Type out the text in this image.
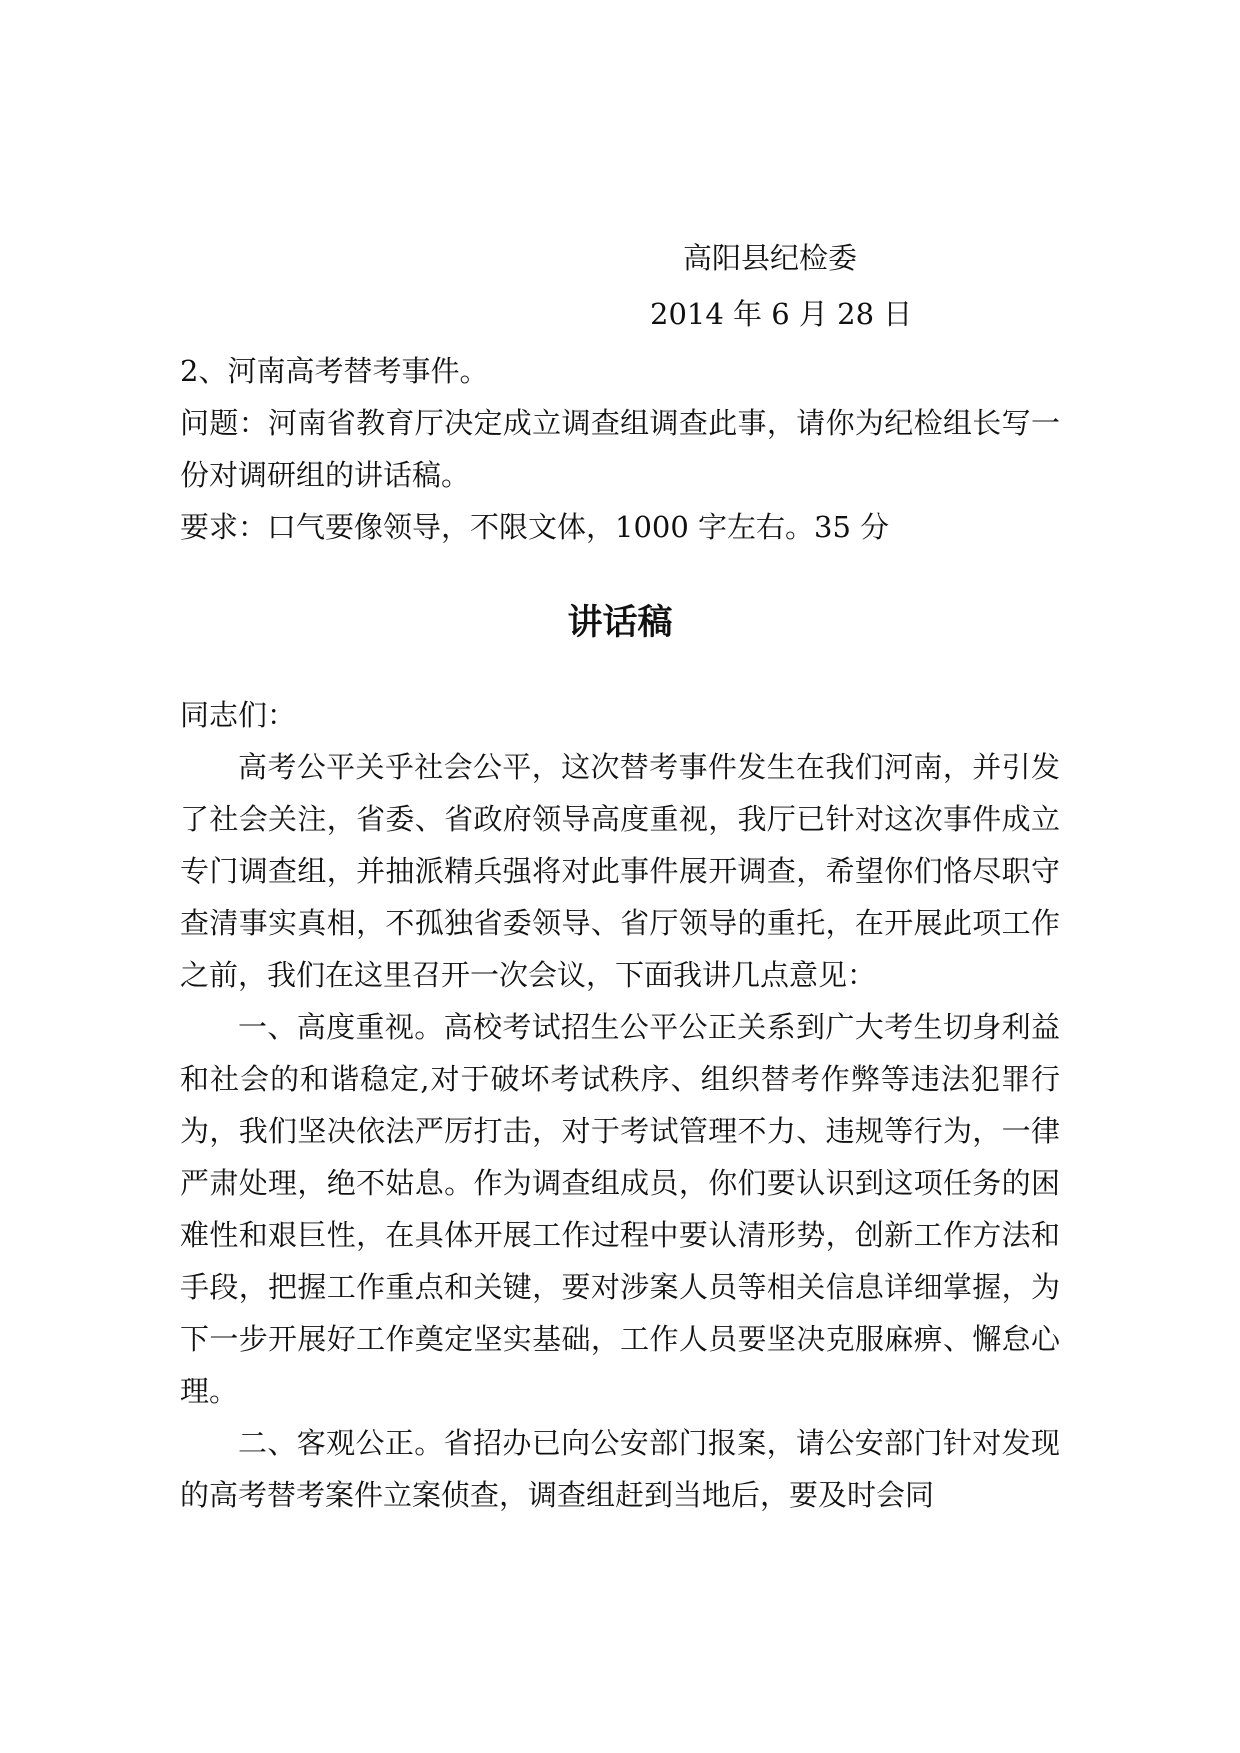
高阳县纪检委
2014 年 6 月 28 日

2、河南高考替考事件。

问题：河南省教育厅决定成立调查组调查此事，请你为纪检组长写一份对调研组的讲话稿。

要求：口气要像领导，不限文体，1000 字左右。35 分

讲话稿

同志们：

高考公平关乎社会公平，这次替考事件发生在我们河南，并引发了社会关注，省委、省政府领导高度重视，我厅已针对这次事件成立专门调查组，并抽派精兵强将对此事件展开调查，希望你们恪尽职守查清事实真相，不孤独省委领导、省厅领导的重托，在开展此项工作之前，我们在这里召开一次会议，下面我讲几点意见：

一、高度重视。高校考试招生公平公正关系到广大考生切身利益和社会的和谐稳定,对于破坏考试秩序、组织替考作弊等违法犯罪行为，我们坚决依法严厉打击，对于考试管理不力、违规等行为，一律严肃处理，绝不姑息。作为调查组成员，你们要认识到这项任务的困难性和艰巨性，在具体开展工作过程中要认清形势，创新工作方法和手段，把握工作重点和关键，要对涉案人员等相关信息详细掌握，为下一步开展好工作奠定坚实基础，工作人员要坚决克服麻痹、懈怠心理。

二、客观公正。省招办已向公安部门报案，请公安部门针对发现的高考替考案件立案侦查，调查组赶到当地后，要及时会同
